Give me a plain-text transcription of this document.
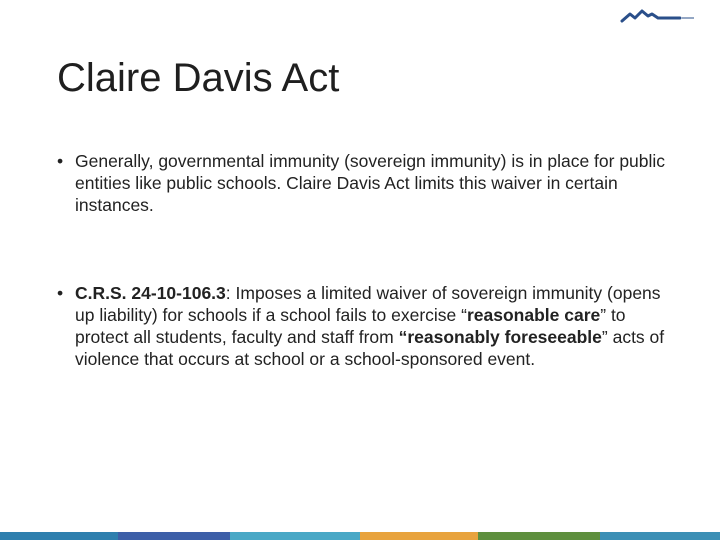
Claire Davis Act
• Generally, governmental immunity (sovereign immunity) is in place for public entities like public schools. Claire Davis Act limits this waiver in certain instances.
• C.R.S. 24-10-106.3: Imposes a limited waiver of sovereign immunity (opens up liability) for schools if a school fails to exercise “reasonable care” to protect all students, faculty and staff from “reasonably foreseeable” acts of violence that occurs at school or a school-sponsored event.
